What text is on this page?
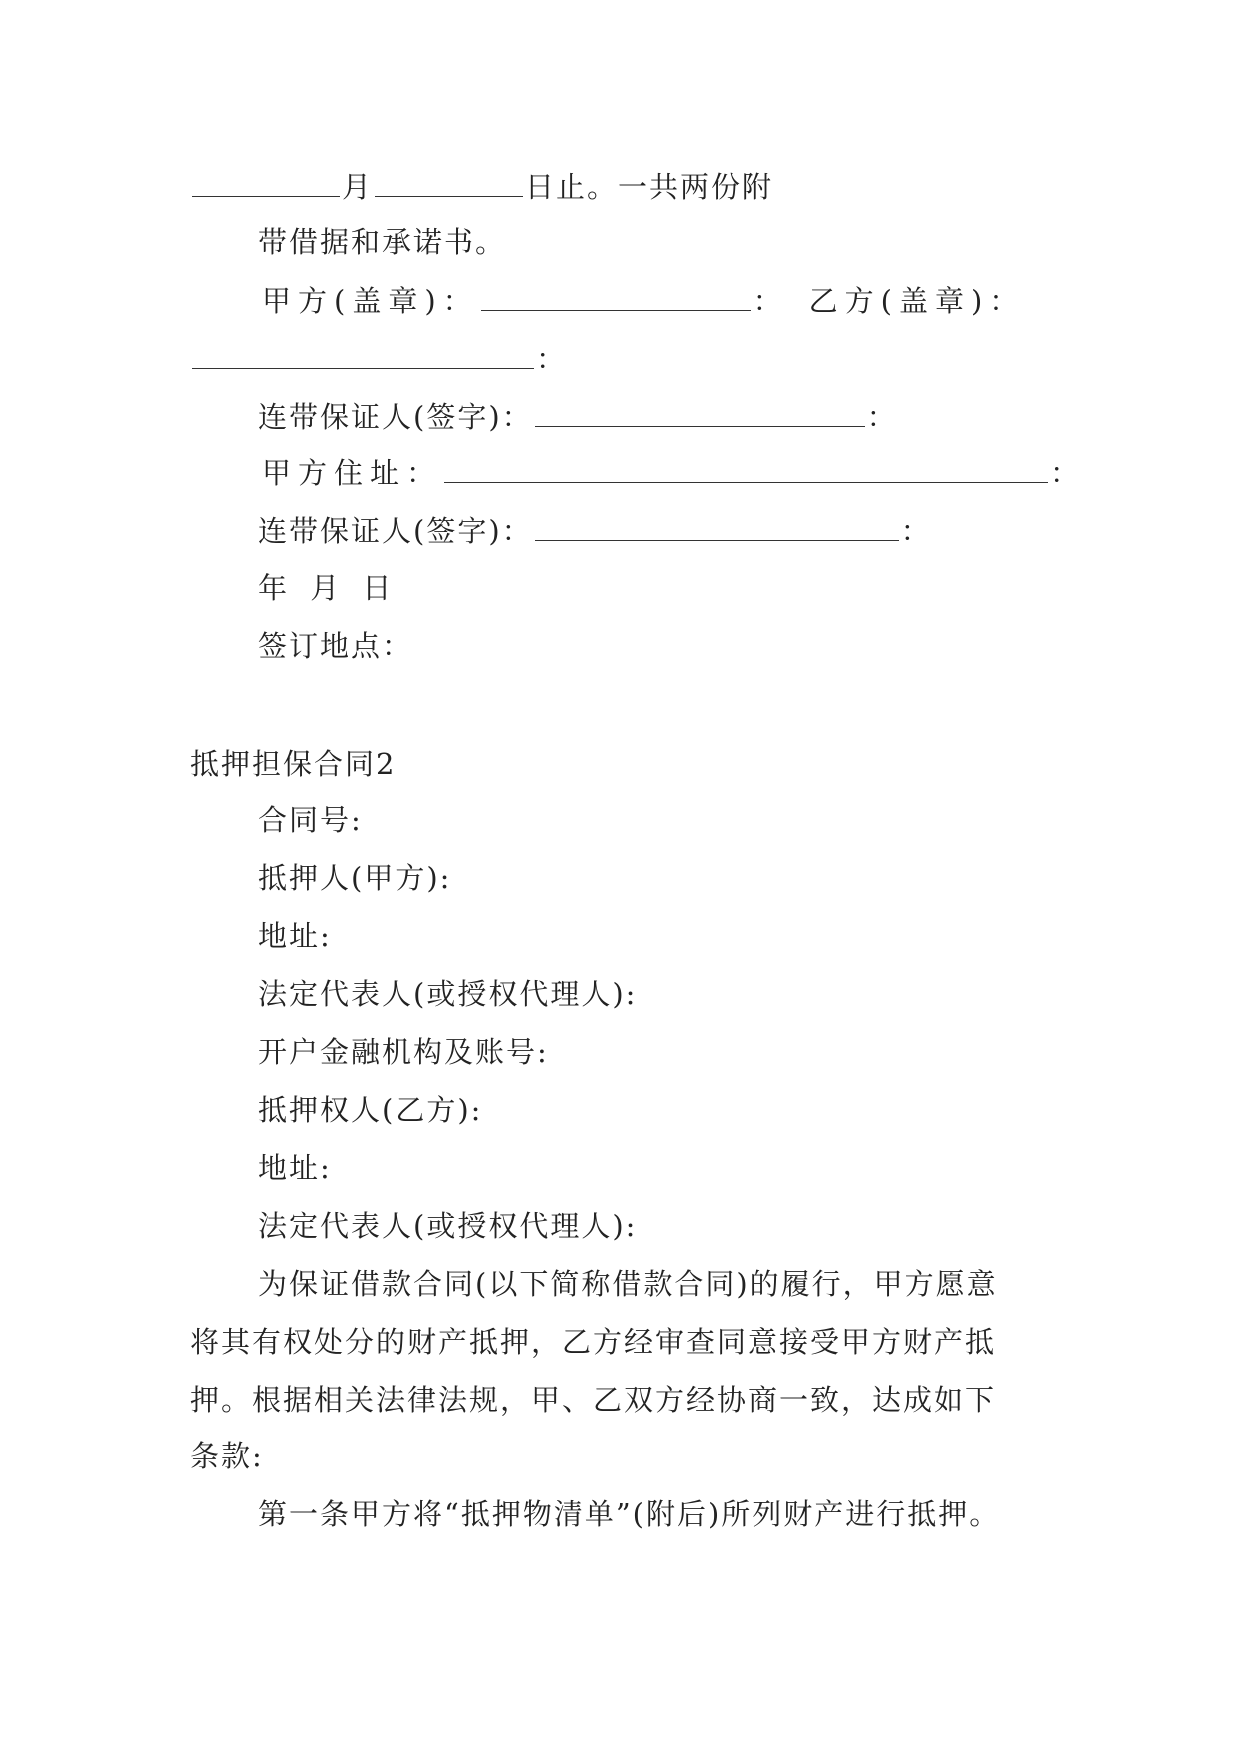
月	日止。一共两份附
带借据和承诺书。
甲方(盖章)：	： 乙方(盖章)：
：
连带保证人(签字)：	：
甲方住址：	：
连带保证人(签字)：	：
年 月 日
签订地点：
抵押担保合同2
合同号:
抵押人(甲方):
地址:
法定代表人(或授权代理人):
开户金融机构及账号:
抵押权人(乙方):
地址:
法定代表人(或授权代理人):
为保证借款合同(以下简称借款合同)的履行，甲方愿意
将其有权处分的财产抵押，乙方经审查同意接受甲方财产抵
押。根据相关法律法规，甲、乙双方经协商一致，达成如下
条款:
第一条甲方将“抵押物清单”(附后)所列财产进行抵押。
